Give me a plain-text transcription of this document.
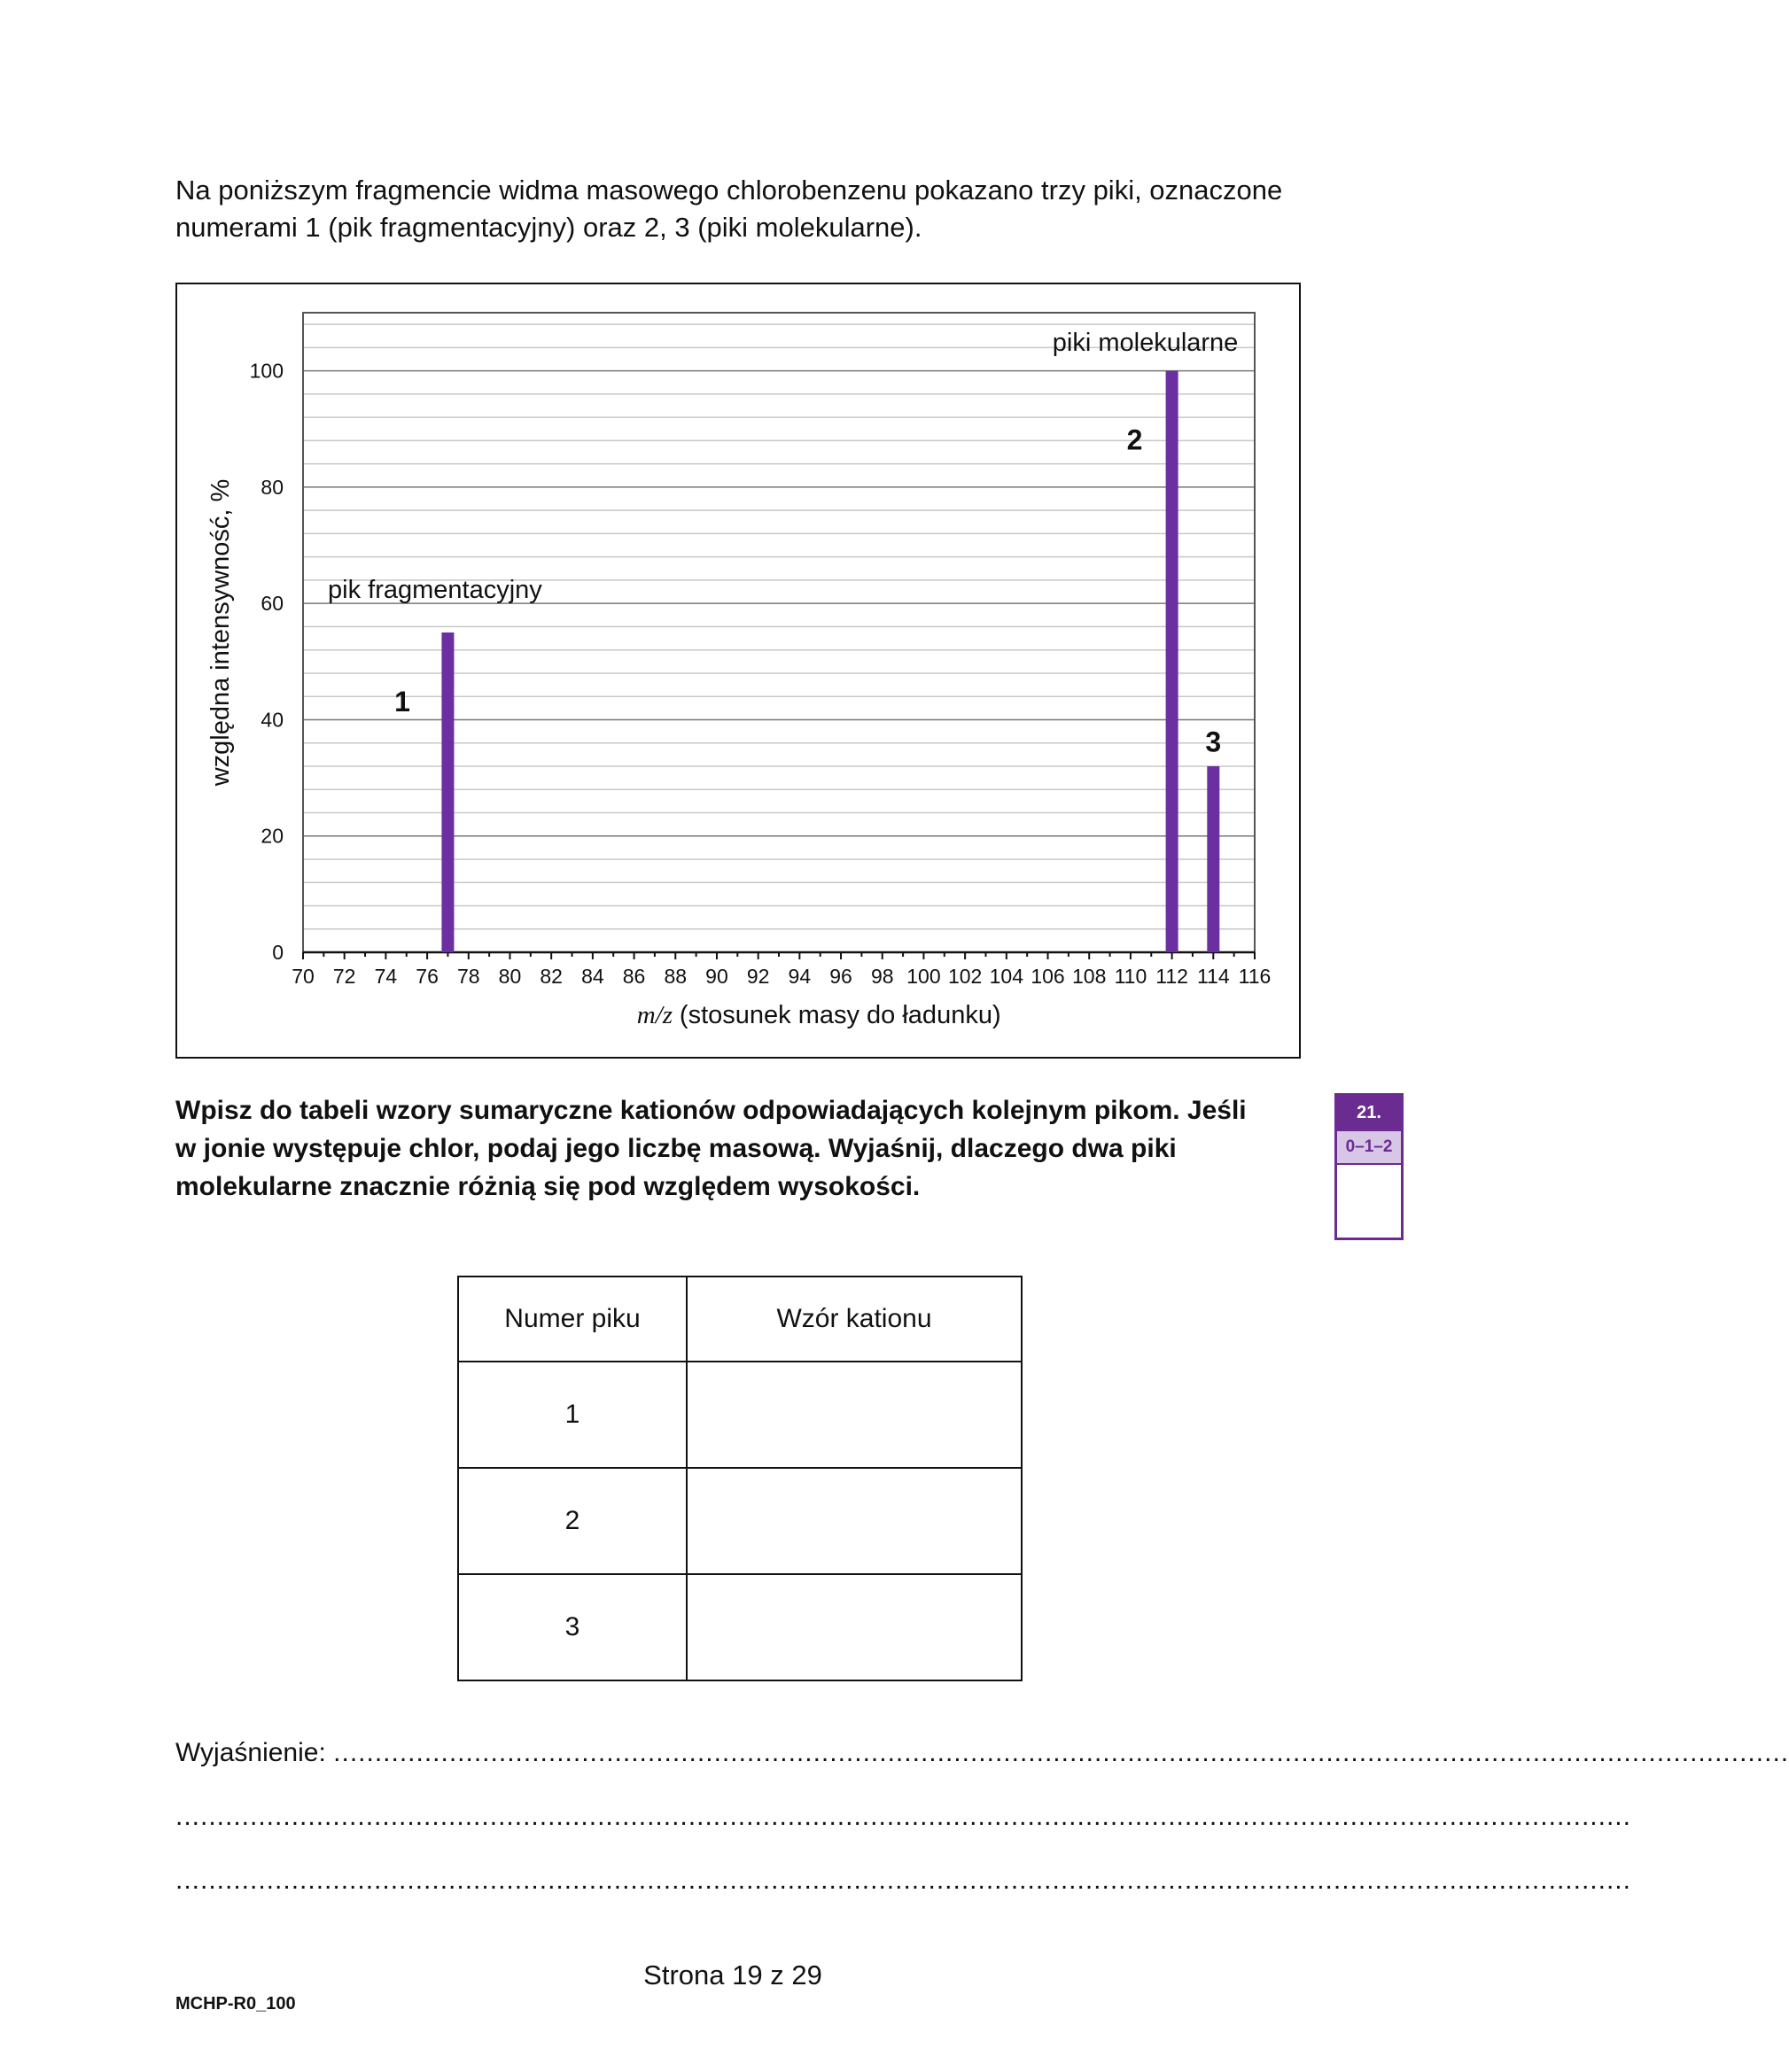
Na poniższym fragmencie widma masowego chlorobenzenu pokazano trzy piki, oznaczone
numerami 1 (pik fragmentacyjny) oraz 2, 3 (piki molekularne).
0
20
40
60
80
100
70 72 74 76 78 80 82 84 86 88 90 92 94 96 98 100 102 104 106 108 110 112 114 116
1
2
3
pik fragmentacyjny
piki molekularne
względna intensywność, %
m/z (stosunek masy do ładunku)
Wpisz do tabeli wzory sumaryczne kationów odpowiadających kolejnym pikom. Jeśli
w jonie występuje chlor, podaj jego liczbę masową. Wyjaśnij, dlaczego dwa piki
molekularne znacznie różnią się pod względem wysokości.
21.
0–1–2
Numer piku	Wzór kationu
1	
2	
3	
Wyjaśnienie: ................................................................................................................................................................................
................................................................................................................................................................................
................................................................................................................................................................................
Strona 19 z 29
MCHP-R0_100
